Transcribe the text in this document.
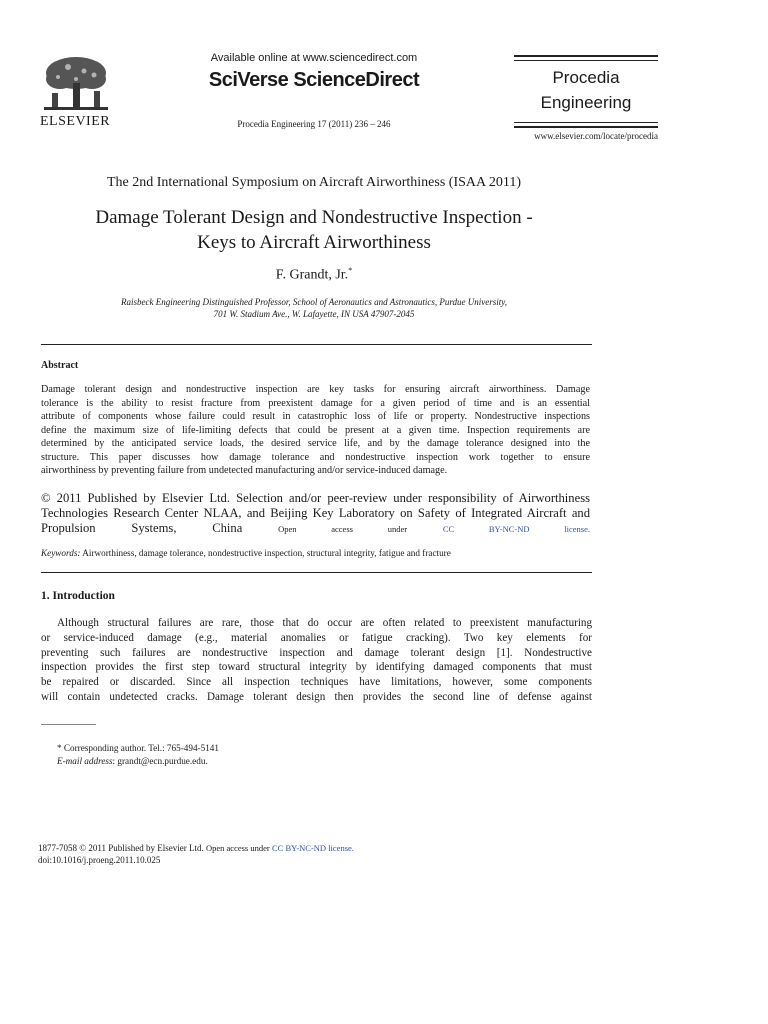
ELSEVIER
Available online at www.sciencedirect.com
SciVerse ScienceDirect
Procedia Engineering 17 (2011) 236 – 246
Procedia
Engineering
www.elsevier.com/locate/procedia
The 2nd International Symposium on Aircraft Airworthiness (ISAA 2011)
Damage Tolerant Design and Nondestructive Inspection -
Keys to Aircraft Airworthiness
F. Grandt, Jr.*
Raisbeck Engineering Distinguished Professor, School of Aeronautics and Astronautics, Purdue University,
701 W. Stadium Ave., W. Lafayette, IN USA 47907-2045
Abstract
Damage tolerant design and nondestructive inspection are key tasks for ensuring aircraft airworthiness. Damage
tolerance is the ability to resist fracture from preexistent damage for a given period of time and is an essential
attribute of components whose failure could result in catastrophic loss of life or property. Nondestructive inspections
define the maximum size of life-limiting defects that could be present at a given time. Inspection requirements are
determined by the anticipated service loads, the desired service life, and by the damage tolerance designed into the
structure. This paper discusses how damage tolerance and nondestructive inspection work together to ensure
airworthiness by preventing failure from undetected manufacturing and/or service-induced damage.
© 2011 Published by Elsevier Ltd. Selection and/or peer-review under responsibility of Airworthiness
Technologies Research Center NLAA, and Beijing Key Laboratory on Safety of Integrated Aircraft and
Propulsion Systems, China	Open access under	CC BY-NC-ND license.
Keywords: Airworthiness, damage tolerance, nondestructive inspection, structural integrity, fatigue and fracture
1. Introduction
Although structural failures are rare, those that do occur are often related to preexistent manufacturing
or service-induced damage (e.g., material anomalies or fatigue cracking). Two key elements for
preventing such failures are nondestructive inspection and damage tolerant design [1]. Nondestructive
inspection provides the first step toward structural integrity by identifying damaged components that must
be repaired or discarded. Since all inspection techniques have limitations, however, some components
will contain undetected cracks. Damage tolerant design then provides the second line of defense against
* Corresponding author. Tel.: 765-494-5141
E-mail address: grandt@ecn.purdue.edu.
1877-7058 © 2011 Published by Elsevier Ltd. Open access under CC BY-NC-ND license.
doi:10.1016/j.proeng.2011.10.025
